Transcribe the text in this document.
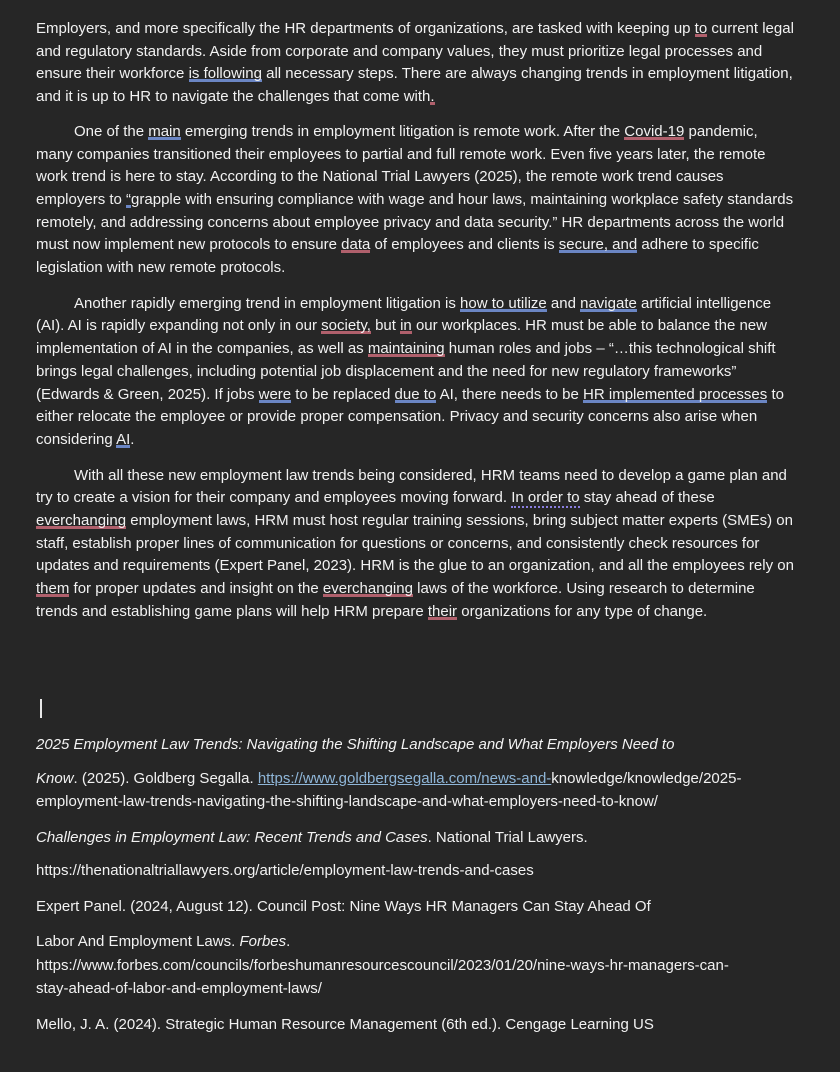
Employers, and more specifically the HR departments of organizations, are tasked with keeping up to current legal and regulatory standards. Aside from corporate and company values, they must prioritize legal processes and ensure their workforce is following all necessary steps. There are always changing trends in employment litigation, and it is up to HR to navigate the challenges that come with.

One of the main emerging trends in employment litigation is remote work. After the Covid-19 pandemic, many companies transitioned their employees to partial and full remote work. Even five years later, the remote work trend is here to stay. According to the National Trial Lawyers (2025), the remote work trend causes employers to “grapple with ensuring compliance with wage and hour laws, maintaining workplace safety standards remotely, and addressing concerns about employee privacy and data security.” HR departments across the world must now implement new protocols to ensure data of employees and clients is secure, and adhere to specific legislation with new remote protocols.

Another rapidly emerging trend in employment litigation is how to utilize and navigate artificial intelligence (AI). AI is rapidly expanding not only in our society, but in our workplaces. HR must be able to balance the new implementation of AI in the companies, as well as maintaining human roles and jobs – “…this technological shift brings legal challenges, including potential job displacement and the need for new regulatory frameworks” (Edwards & Green, 2025). If jobs were to be replaced due to AI, there needs to be HR implemented processes to either relocate the employee or provide proper compensation. Privacy and security concerns also arise when considering AI.

With all these new employment law trends being considered, HRM teams need to develop a game plan and try to create a vision for their company and employees moving forward. In order to stay ahead of these everchanging employment laws, HRM must host regular training sessions, bring subject matter experts (SMEs) on staff, establish proper lines of communication for questions or concerns, and consistently check resources for updates and requirements (Expert Panel, 2023). HRM is the glue to an organization, and all the employees rely on them for proper updates and insight on the everchanging laws of the workforce. Using research to determine trends and establishing game plans will help HRM prepare their organizations for any type of change.

2025 Employment Law Trends: Navigating the Shifting Landscape and What Employers Need to

Know. (2025). Goldberg Segalla. https://www.goldbergsegalla.com/news-and-knowledge/knowledge/2025-

employment-law-trends-navigating-the-shifting-landscape-and-what-employers-need-to-know/

Challenges in Employment Law: Recent Trends and Cases. National Trial Lawyers.

https://thenationaltriallawyers.org/article/employment-law-trends-and-cases

Expert Panel. (2024, August 12). Council Post: Nine Ways HR Managers Can Stay Ahead Of

Labor And Employment Laws. Forbes.

https://www.forbes.com/councils/forbeshumanresourcescouncil/2023/01/20/nine-ways-hr-managers-can-

stay-ahead-of-labor-and-employment-laws/

Mello, J. A. (2024). Strategic Human Resource Management (6th ed.). Cengage Learning US
